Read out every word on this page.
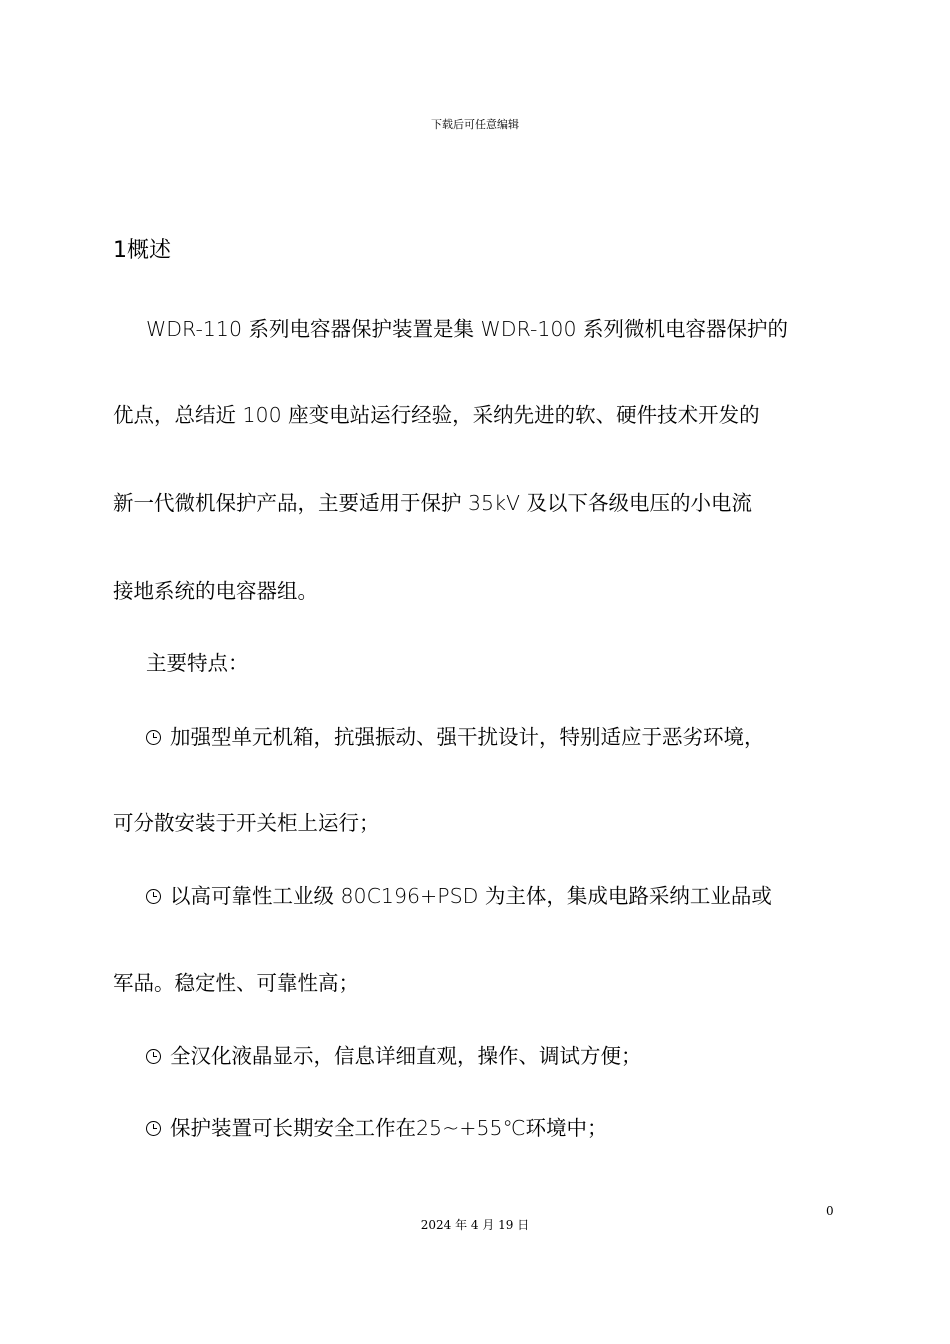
下载后可任意编辑
1概述
WDR-110 系列电容器保护装置是集 WDR-100 系列微机电容器保护的
优点，总结近 100 座变电站运行经验，采纳先进的软、硬件技术开发的
新一代微机保护产品，主要适用于保护 35kV 及以下各级电压的小电流
接地系统的电容器组。
主要特点：
加强型单元机箱，抗强振动、强干扰设计，特别适应于恶劣环境，
可分散安装于开关柜上运行；
以高可靠性工业级 80C196+PSD 为主体，集成电路采纳工业品或
军品。稳定性、可靠性高；
全汉化液晶显示，信息详细直观，操作、调试方便；
保护装置可长期安全工作在25~+55℃环境中；
0
2024 年 4 月 19 日
